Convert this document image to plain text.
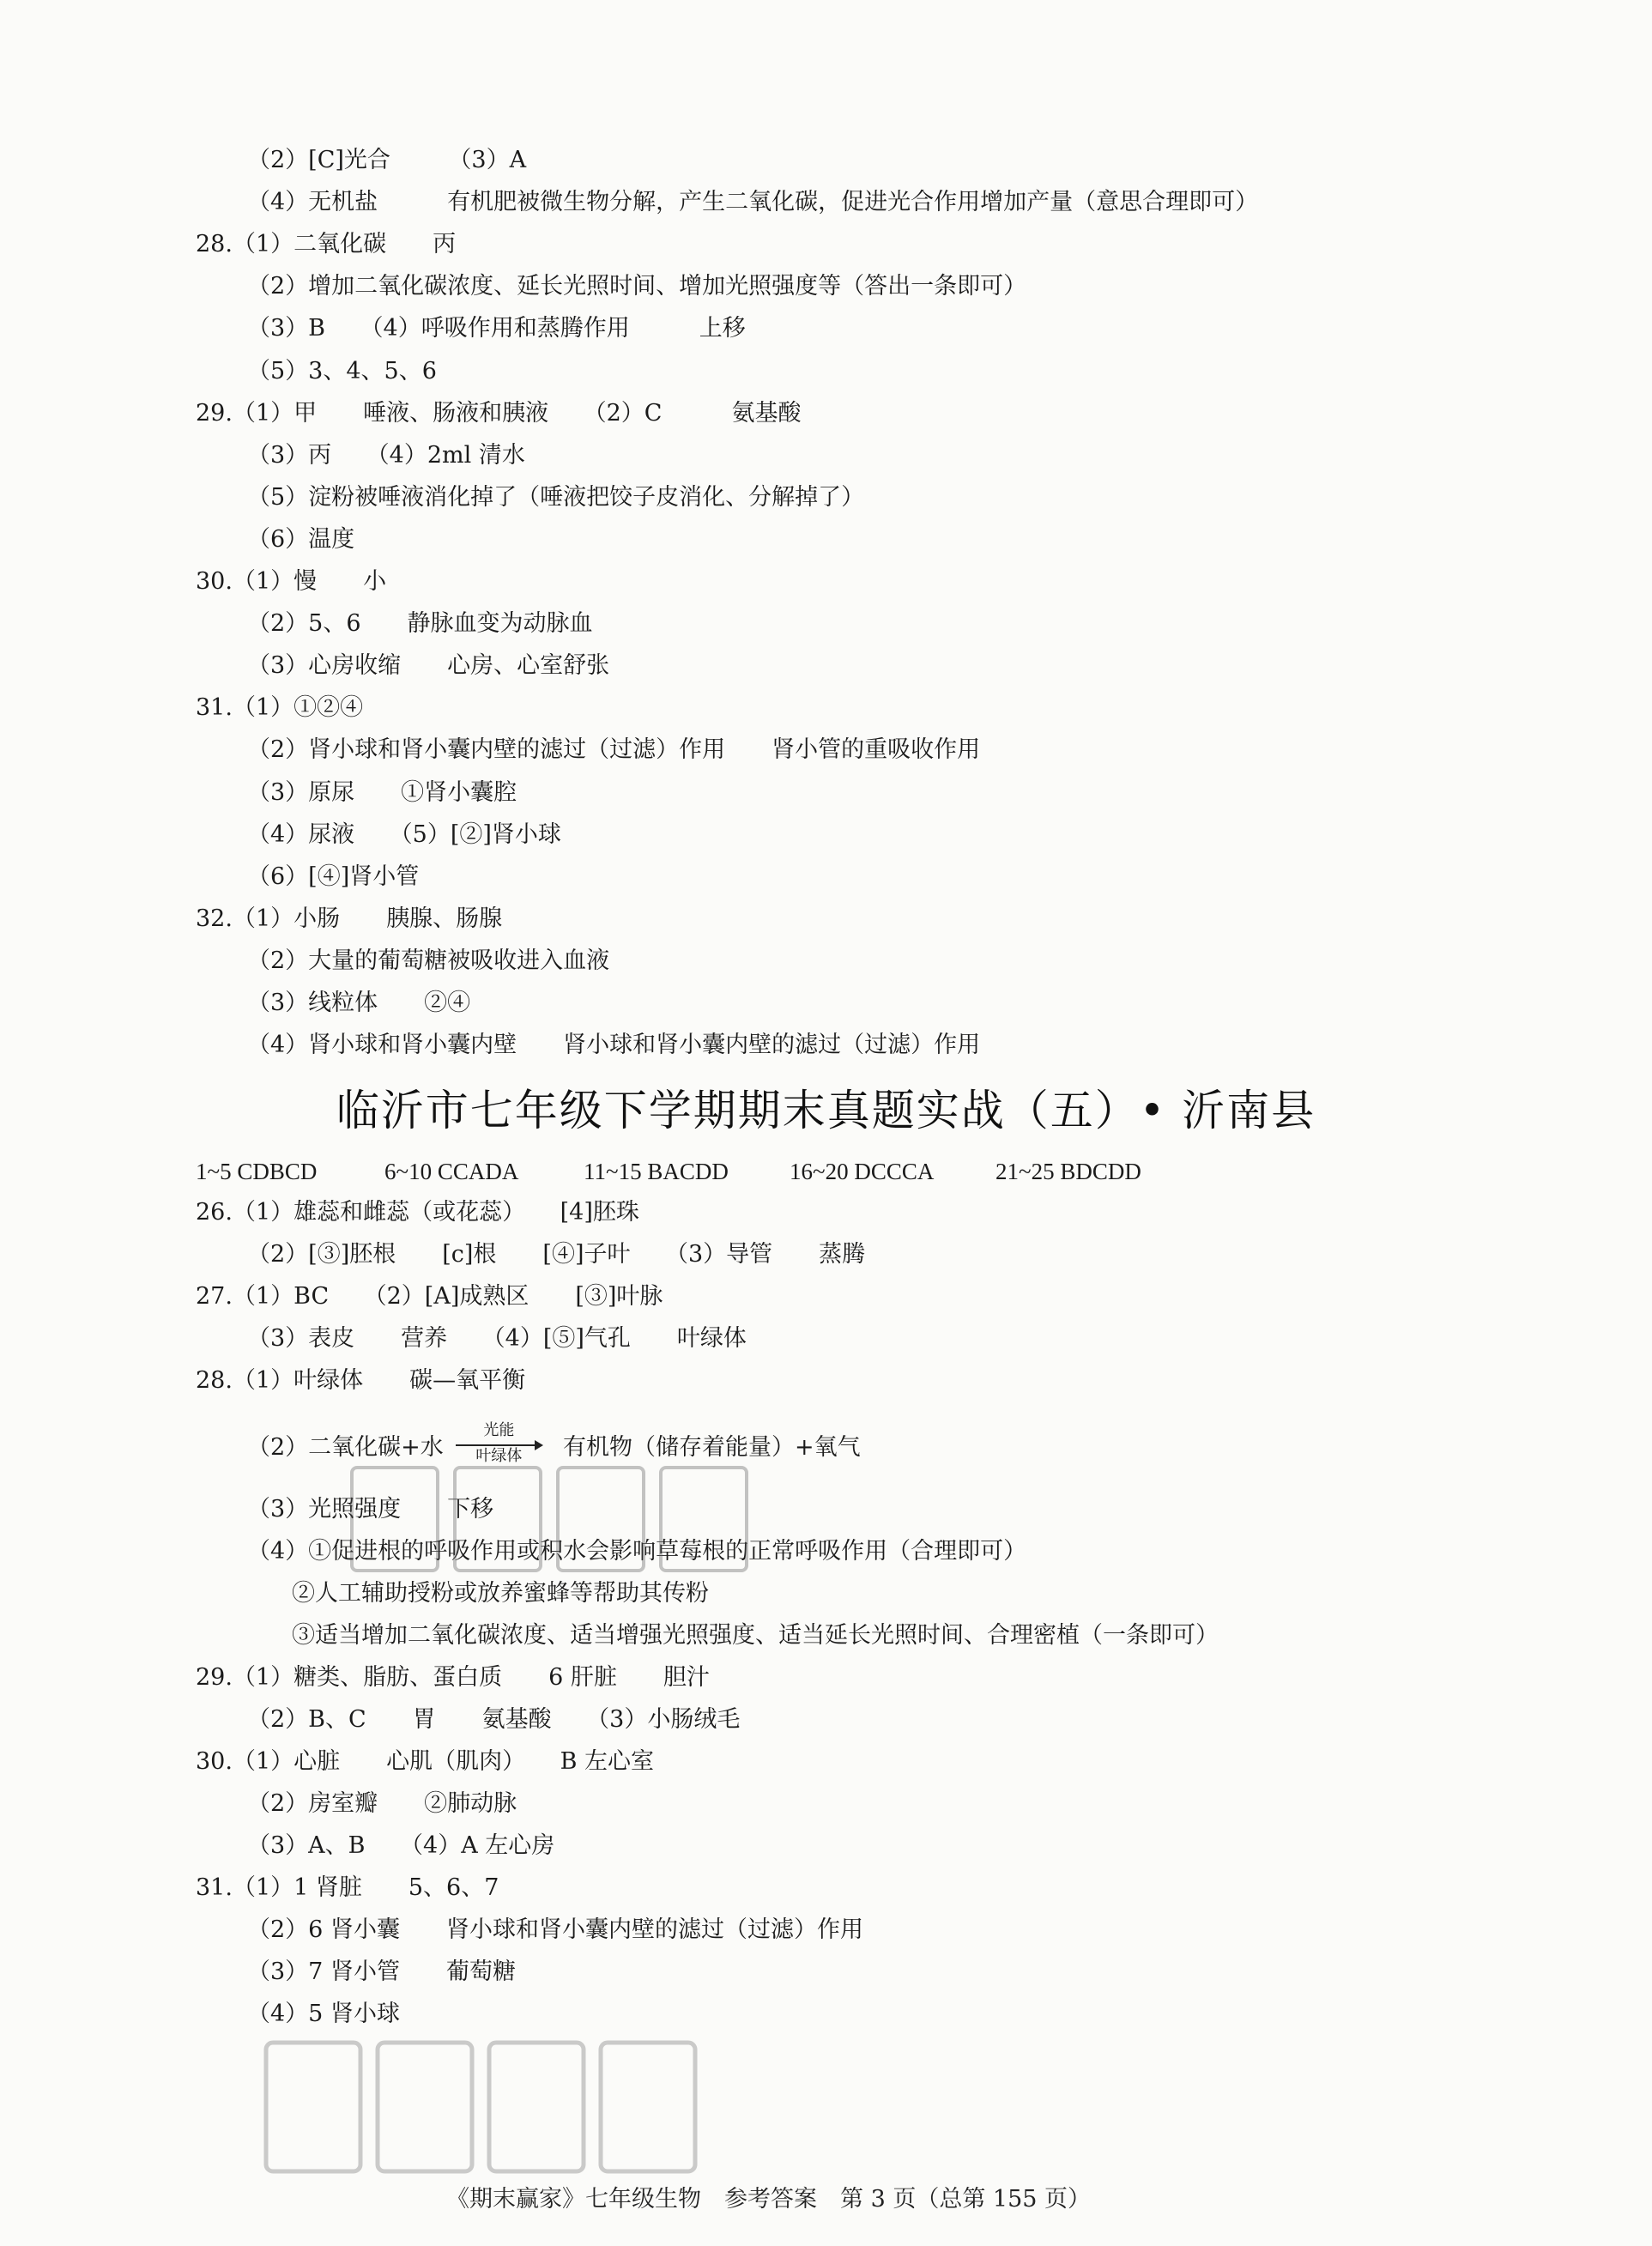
（2）[C]光合　　　（3）A
（4）无机盐　　　有机肥被微生物分解，产生二氧化碳，促进光合作用增加产量（意思合理即可）
28.（1）二氧化碳　　丙
（2）增加二氧化碳浓度、延长光照时间、增加光照强度等（答出一条即可）
（3）B　　（4）呼吸作用和蒸腾作用　　　上移
（5）3、4、5、6
29.（1）甲　　唾液、肠液和胰液　　（2）C　　　氨基酸
（3）丙　　（4）2ml 清水
（5）淀粉被唾液消化掉了（唾液把饺子皮消化、分解掉了）
（6）温度
30.（1）慢　　小
（2）5、6　　静脉血变为动脉血
（3）心房收缩　　心房、心室舒张
31.（1）①②④
（2）肾小球和肾小囊内壁的滤过（过滤）作用　　肾小管的重吸收作用
（3）原尿　　①肾小囊腔
（4）尿液　　（5）[②]肾小球
（6）[④]肾小管
32.（1）小肠　　胰腺、肠腺
（2）大量的葡萄糖被吸收进入血液
（3）线粒体　　②④
（4）肾小球和肾小囊内壁　　肾小球和肾小囊内壁的滤过（过滤）作用
临沂市七年级下学期期末真题实战（五）• 沂南县
1~5 CDBCD	6~10 CCADA	11~15 BACDD	16~20 DCCCA	21~25 BDCDD
26.（1）雄蕊和雌蕊（或花蕊）　　[4]胚珠
（2）[③]胚根　　[c]根　　[④]子叶　　（3）导管　　蒸腾
27.（1）BC　　（2）[A]成熟区　　[③]叶脉
（3）表皮　　营养　　（4）[⑤]气孔　　叶绿体
28.（1）叶绿体　　碳—氧平衡
（2）二氧化碳+水
光能
叶绿体	有机物（储存着能量）+氧气
（3）光照强度　　下移
（4）①促进根的呼吸作用或积水会影响草莓根的正常呼吸作用（合理即可）
②人工辅助授粉或放养蜜蜂等帮助其传粉
③适当增加二氧化碳浓度、适当增强光照强度、适当延长光照时间、合理密植（一条即可）
29.（1）糖类、脂肪、蛋白质　　6 肝脏　　胆汁
（2）B、C　　胃　　氨基酸　　（3）小肠绒毛
30.（1）心脏　　心肌（肌肉）　　B 左心室
（2）房室瓣　　②肺动脉
（3）A、B　　（4）A 左心房
31.（1）1 肾脏　　5、6、7
（2）6 肾小囊　　肾小球和肾小囊内壁的滤过（过滤）作用
（3）7 肾小管　　葡萄糖
（4）5 肾小球
《期末赢家》七年级生物　参考答案　第 3 页（总第 155 页）
